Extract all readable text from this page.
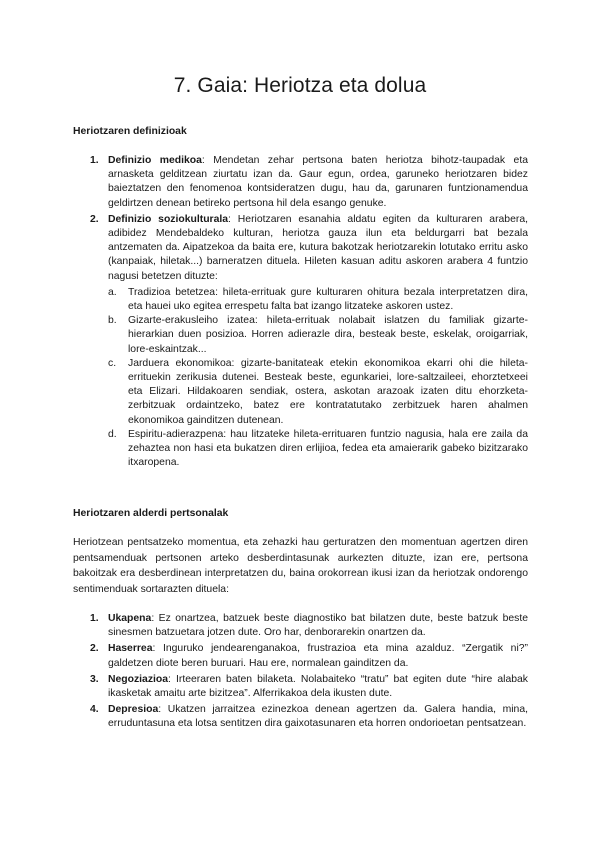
7. Gaia: Heriotza eta dolua
Heriotzaren definizioak
1. Definizio medikoa: Mendetan zehar pertsona baten heriotza bihotz-taupadak eta arnasketa gelditzean ziurtatu izan da. Gaur egun, ordea, garuneko heriotzaren bidez baieztatzen den fenomenoa kontsideratzen dugu, hau da, garunaren funtzionamendua geldirtzen denean betireko pertsona hil dela esango genuke.
2. Definizio soziokulturala: Heriotzaren esanahia aldatu egiten da kulturaren arabera, adibidez Mendebaldeko kulturan, heriotza gauza ilun eta beldurgarri bat bezala antzematen da. Aipatzekoa da baita ere, kutura bakotzak heriotzarekin lotutako erritu asko (kanpaiak, hiletak...) barneratzen dituela. Hileten kasuan aditu askoren arabera 4 funtzio nagusi betetzen dituzte:
a. Tradizioa betetzea: hileta-errituak gure kulturaren ohitura bezala interpretatzen dira, eta hauei uko egitea errespetu falta bat izango litzateke askoren ustez.
b. Gizarte-erakusleiho izatea: hileta-errituak nolabait islatzen du familiak gizarte-hierarkian duen posizioa. Horren adierazle dira, besteak beste, eskelak, oroigarriak, lore-eskaintzak...
c. Jarduera ekonomikoa: gizarte-banitateak etekin ekonomikoa ekarri ohi die hileta-errituekin zerikusia dutenei. Besteak beste, egunkariei, lore-saltzaileei, ehorztetxeei eta Elizari. Hildakoaren sendiak, ostera, askotan arazoak izaten ditu ehorzketa-zerbitzuak ordaintzeko, batez ere kontratatutako zerbitzuek haren ahalmen ekonomikoa gainditzen dutenean.
d. Espiritu-adierazpena: hau litzateke hileta-errituaren funtzio nagusia, hala ere zaila da zehaztea non hasi eta bukatzen diren erlijioa, fedea eta amaierarik gabeko bizitzarako itxaropena.
Heriotzaren alderdi pertsonalak

Heriotzean pentsatzeko momentua, eta zehazki hau gerturatzen den momentuan agertzen diren pentsamenduak pertsonen arteko desberdintasunak aurkezten dituzte, izan ere, pertsona bakoitzak era desberdinean interpretatzen du, baina orokorrean ikusi izan da heriotzak ondorengo sentimenduak sortarazten dituela:

1. Ukapena: Ez onartzea, batzuek beste diagnostiko bat bilatzen dute, beste batzuk beste sinesmen batzuetara jotzen dute. Oro har, denborarekin onartzen da.
2. Haserrea: Inguruko jendearenganakoa, frustrazioa eta mina azalduz. “Zergatik ni?” galdetzen diote beren buruari. Hau ere, normalean gainditzen da.
3. Negoziazioa: Irteeraren baten bilaketa. Nolabaiteko “tratu” bat egiten dute “hire alabak ikasketak amaitu arte bizitzea”. Alferrikakoa dela ikusten dute.
4. Depresioa: Ukatzen jarraitzea ezinezkoa denean agertzen da. Galera handia, mina, erruduntasuna eta lotsa sentitzen dira gaixotasunaren eta horren ondorioetan pentsatzean.
